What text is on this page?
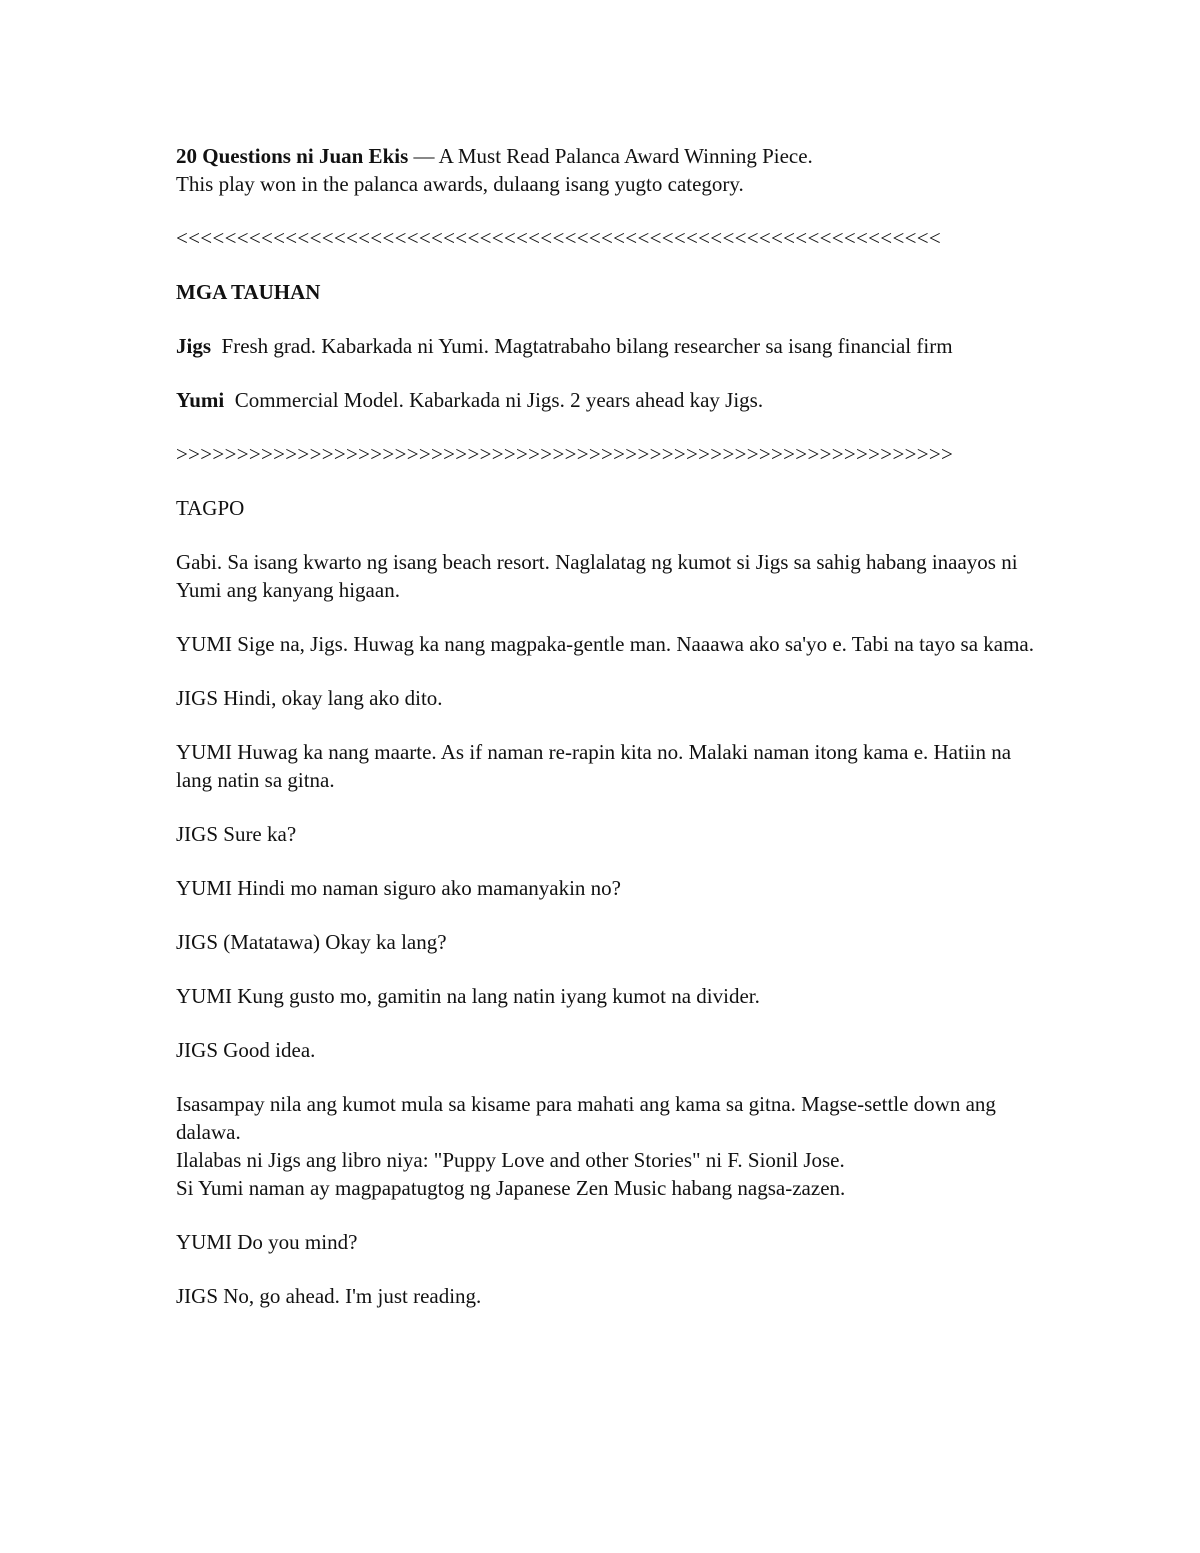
20 Questions ni Juan Ekis — A Must Read Palanca Award Winning Piece.
This play won in the palanca awards, dulaang isang yugto category.
<<<<<<<<<<<<<<<<<<<<<<<<<<<<<<<<<<<<<<<<<<<<<<<<<<<<<<<<<<<<<<<
MGA TAUHAN
Jigs Fresh grad. Kabarkada ni Yumi. Magtatrabaho bilang researcher sa isang financial firm
Yumi Commercial Model. Kabarkada ni Jigs. 2 years ahead kay Jigs.
>>>>>>>>>>>>>>>>>>>>>>>>>>>>>>>>>>>>>>>>>>>>>>>>>>>>>>>>>>>>>>>>
TAGPO
Gabi. Sa isang kwarto ng isang beach resort. Naglalatag ng kumot si Jigs sa sahig habang inaayos ni Yumi ang kanyang higaan.
YUMI Sige na, Jigs. Huwag ka nang magpaka-gentle man. Naaawa ako sa'yo e. Tabi na tayo sa kama.
JIGS Hindi, okay lang ako dito.
YUMI Huwag ka nang maarte. As if naman re-rapin kita no. Malaki naman itong kama e. Hatiin na lang natin sa gitna.
JIGS Sure ka?
YUMI Hindi mo naman siguro ako mamanyakin no?
JIGS (Matatawa) Okay ka lang?
YUMI Kung gusto mo, gamitin na lang natin iyang kumot na divider.
JIGS Good idea.
Isasampay nila ang kumot mula sa kisame para mahati ang kama sa gitna. Magse-settle down ang dalawa.
Ilalabas ni Jigs ang libro niya: "Puppy Love and other Stories" ni F. Sionil Jose.
Si Yumi naman ay magpapatugtog ng Japanese Zen Music habang nagsa-zazen.
YUMI Do you mind?
JIGS No, go ahead. I'm just reading.
